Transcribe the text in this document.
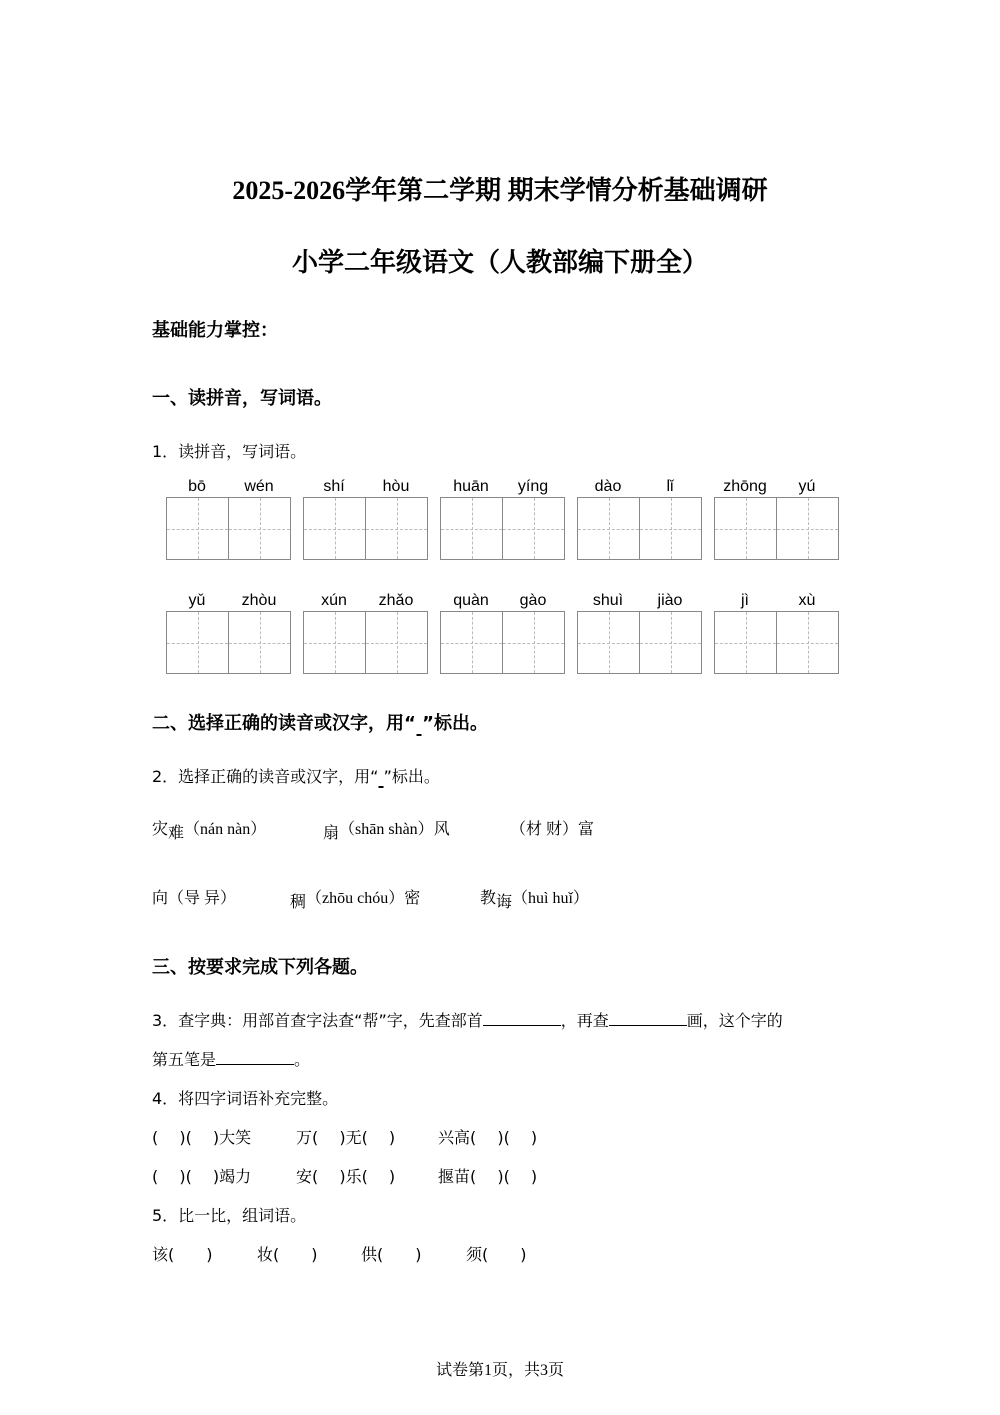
2025-2026学年第二学期 期末学情分析基础调研
小学二年级语文（人教部编下册全）
基础能力掌控：
一、读拼音，写词语。
1．读拼音，写词语。
bō	wén	shí	hòu	huān	yíng	dào	lǐ	zhōng	yú
yǔ	zhòu	xún	zhǎo	quàn	gào	shuì	jiào	jì	xù
二、选择正确的读音或汉字，用“ ”标出。
2．选择正确的读音或汉字，用“ ”标出。
灾难（nán nàn）	扇（shān shàn）风	（材 财）富
向（导 异）	稠（zhōu chóu）密	教诲（huì huǐ）
三、按要求完成下列各题。
3．查字典：用部首查字法查“帮”字，先查部首	，再查	画，这个字的
第五笔是	。
4．将四字词语补充完整。
(　 )(　 )大笑	万(　 )无(　 )	兴高(　 )(　 )
(　 )(　 )竭力	安(　 )乐(　 )	揠苗(　 )(　 )
5．比一比，组词语。
该(　　)	妆(　　)	供(　　)	须(　　)
试卷第1页，共3页
